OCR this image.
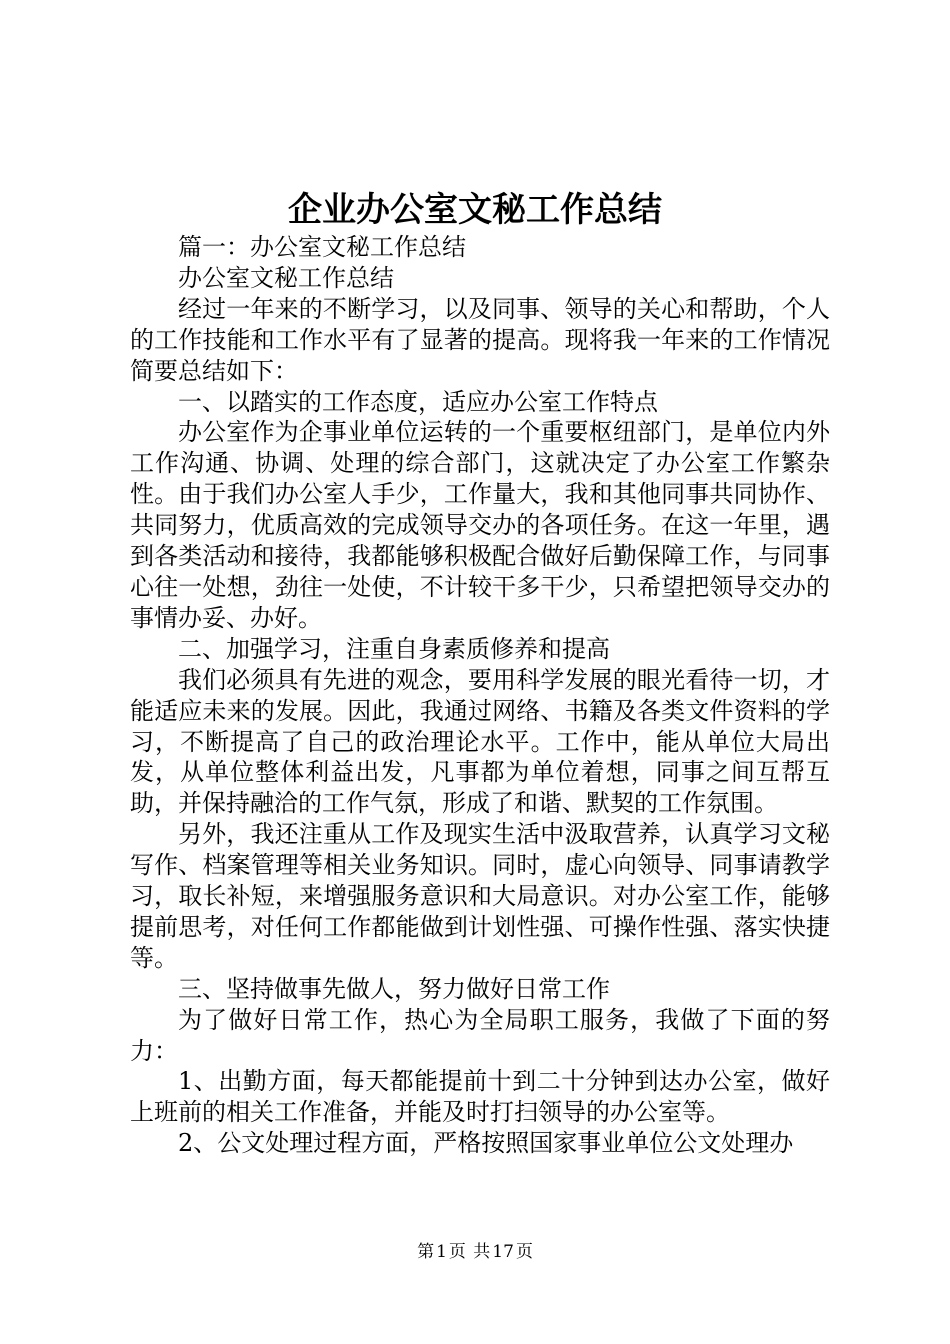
企业办公室文秘工作总结

篇一：办公室文秘工作总结

办公室文秘工作总结

经过一年来的不断学习，以及同事、领导的关心和帮助，个人的工作技能和工作水平有了显著的提高。现将我一年来的工作情况简要总结如下：

一、以踏实的工作态度，适应办公室工作特点

办公室作为企事业单位运转的一个重要枢纽部门，是单位内外工作沟通、协调、处理的综合部门，这就决定了办公室工作繁杂性。由于我们办公室人手少，工作量大，我和其他同事共同协作、共同努力，优质高效的完成领导交办的各项任务。在这一年里，遇到各类活动和接待，我都能够积极配合做好后勤保障工作，与同事心往一处想，劲往一处使，不计较干多干少，只希望把领导交办的事情办妥、办好。

二、加强学习，注重自身素质修养和提高

我们必须具有先进的观念，要用科学发展的眼光看待一切，才能适应未来的发展。因此，我通过网络、书籍及各类文件资料的学习，不断提高了自己的政治理论水平。工作中，能从单位大局出发，从单位整体利益出发，凡事都为单位着想，同事之间互帮互助，并保持融洽的工作气氛，形成了和谐、默契的工作氛围。

另外，我还注重从工作及现实生活中汲取营养，认真学习文秘写作、档案管理等相关业务知识。同时，虚心向领导、同事请教学习，取长补短，来增强服务意识和大局意识。对办公室工作，能够提前思考，对任何工作都能做到计划性强、可操作性强、落实快捷等。

三、坚持做事先做人，努力做好日常工作

为了做好日常工作，热心为全局职工服务，我做了下面的努力：

1、出勤方面，每天都能提前十到二十分钟到达办公室，做好上班前的相关工作准备，并能及时打扫领导的办公室等。

2、公文处理过程方面，严格按照国家事业单位公文处理办

第 1 页 共 17 页
